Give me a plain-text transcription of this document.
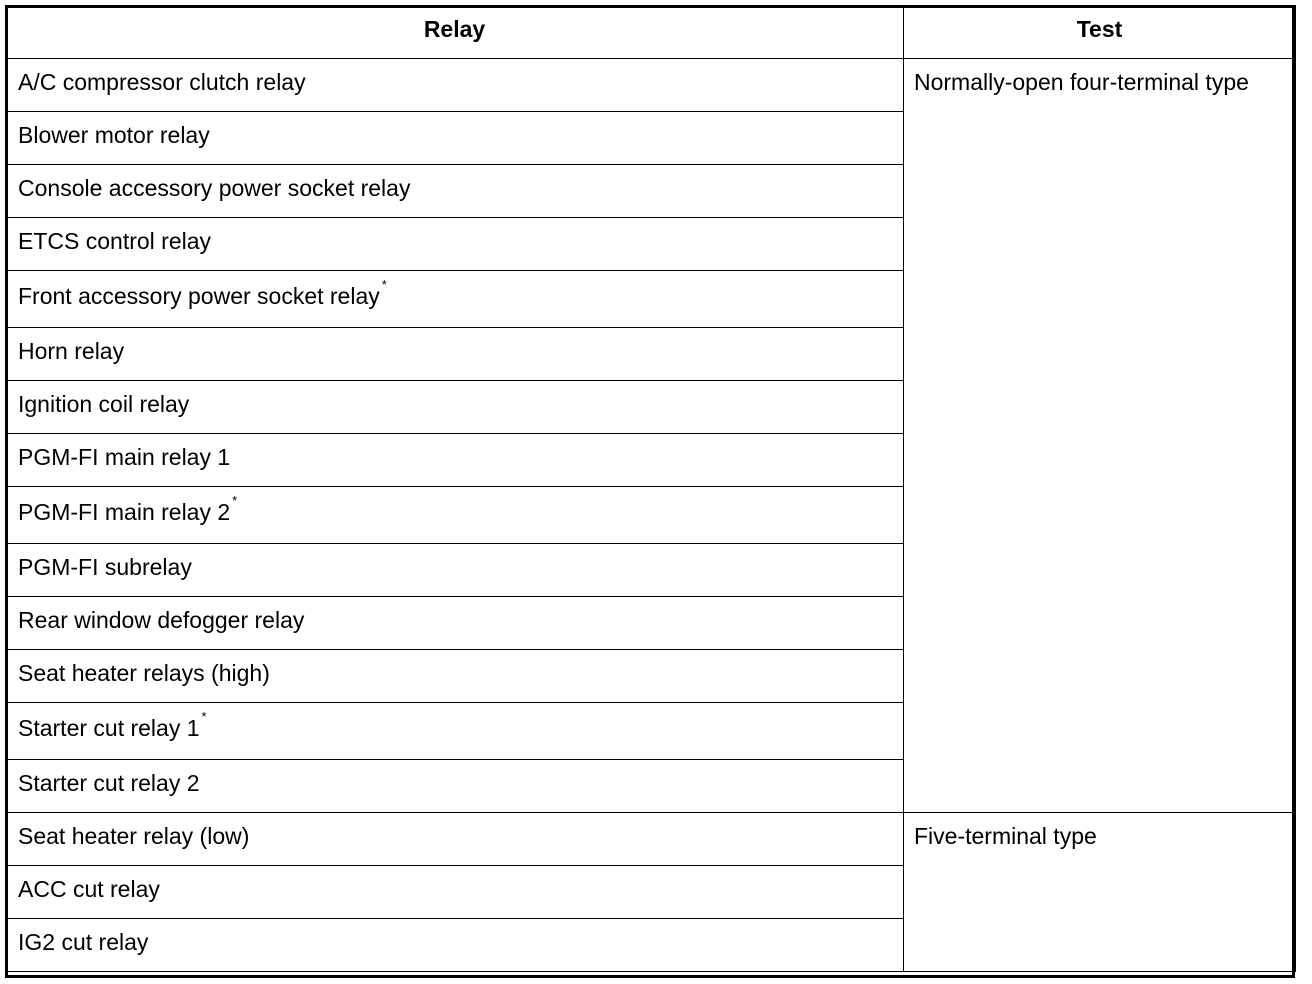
Relay	Test
A/C compressor clutch relay	Normally-open four-terminal type
Blower motor relay	
Console accessory power socket relay	
ETCS control relay	
Front accessory power socket relay *
Horn relay	
Ignition coil relay	
PGM-FI main relay 1	
PGM-FI main relay 2 *
PGM-FI subrelay	
Rear window defogger relay	
Seat heater relays (high)	
Starter cut relay 1 *
Starter cut relay 2	
Seat heater relay (low)	Five-terminal type
ACC cut relay	
IG2 cut relay	
